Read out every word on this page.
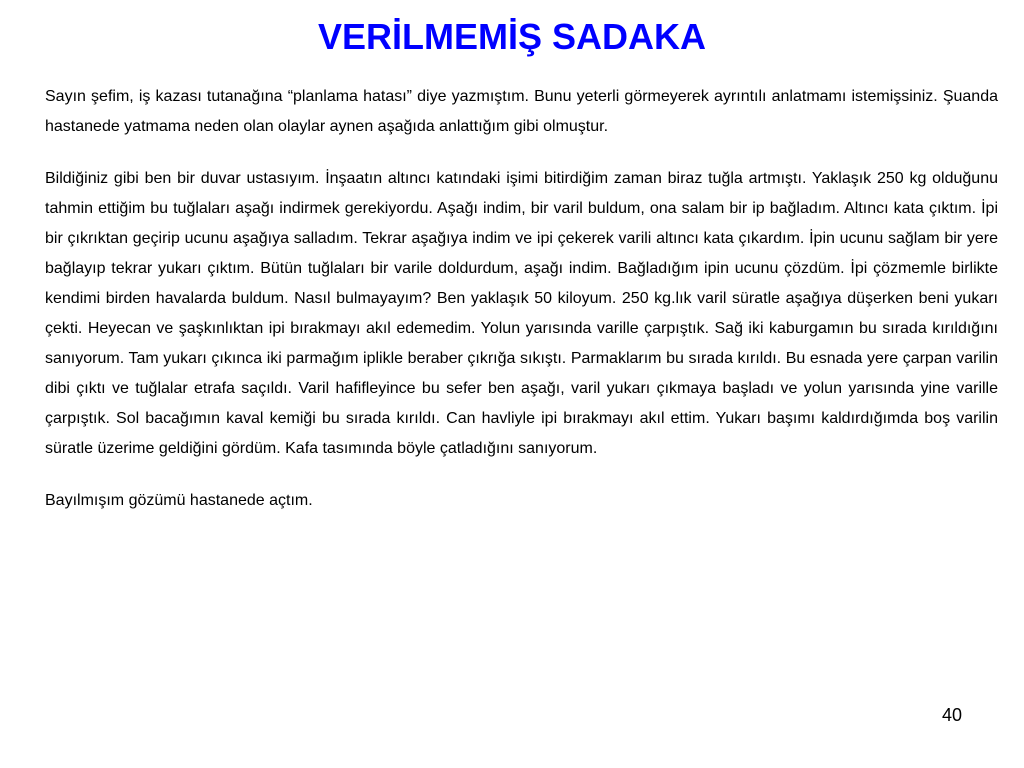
VERİLMEMİŞ SADAKA

Sayın şefim, iş kazası tutanağına “planlama hatası” diye yazmıştım. Bunu yeterli görmeyerek ayrıntılı anlatmamı istemişsiniz. Şuanda hastanede yatmama neden olan olaylar aynen aşağıda anlattığım gibi olmuştur.

Bildiğiniz gibi ben bir duvar ustasıyım. İnşaatın altıncı katındaki işimi bitirdiğim zaman biraz tuğla artmıştı. Yaklaşık 250 kg olduğunu tahmin ettiğim bu tuğlaları aşağı indirmek gerekiyordu. Aşağı indim, bir varil buldum, ona salam bir ip bağladım. Altıncı kata çıktım. İpi bir çıkrıktan geçirip ucunu aşağıya salladım. Tekrar aşağıya indim ve ipi çekerek varili altıncı kata çıkardım. İpin ucunu sağlam bir yere bağlayıp tekrar yukarı çıktım. Bütün tuğlaları bir varile doldurdum, aşağı indim. Bağladığım ipin ucunu çözdüm. İpi çözmemle birlikte kendimi birden havalarda buldum. Nasıl bulmayayım? Ben yaklaşık 50 kiloyum. 250 kg.lık varil süratle aşağıya düşerken beni yukarı çekti. Heyecan ve şaşkınlıktan ipi bırakmayı akıl edemedim. Yolun yarısında varille çarpıştık. Sağ iki kaburgamın bu sırada kırıldığını sanıyorum. Tam yukarı çıkınca iki parmağım iplikle beraber çıkrığa sıkıştı. Parmaklarım bu sırada kırıldı. Bu esnada yere çarpan varilin dibi çıktı ve tuğlalar etrafa saçıldı. Varil hafifleyince bu sefer ben aşağı, varil yukarı çıkmaya başladı ve yolun yarısında yine varille çarpıştık. Sol bacağımın kaval kemiği bu sırada kırıldı. Can havliyle ipi bırakmayı akıl ettim. Yukarı başımı kaldırdığımda boş varilin süratle üzerime geldiğini gördüm. Kafa tasımında böyle çatladığını sanıyorum.

Bayılmışım gözümü hastanede açtım.

40
